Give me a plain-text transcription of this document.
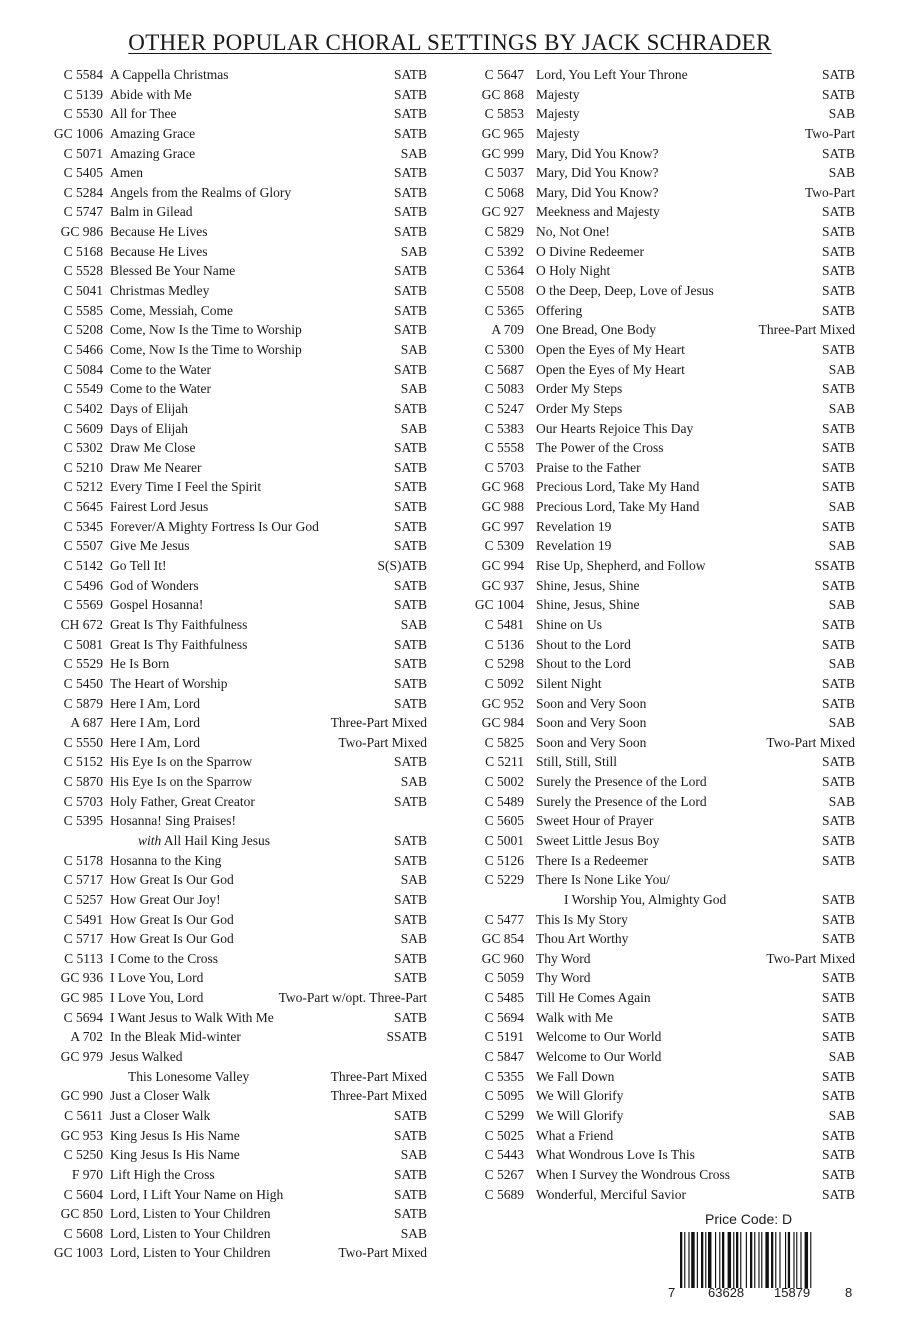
OTHER POPULAR CHORAL SETTINGS BY JACK SCHRADER
C 5584 A Cappella Christmas	SATB
C 5139 Abide with Me	SATB
C 5530 All for Thee	SATB
GC 1006 Amazing Grace	SATB
C 5071 Amazing Grace	SAB
C 5405 Amen	SATB
C 5284 Angels from the Realms of Glory	SATB
C 5747 Balm in Gilead	SATB
GC 986 Because He Lives	SATB
C 5168 Because He Lives	SAB
C 5528 Blessed Be Your Name	SATB
C 5041 Christmas Medley	SATB
C 5585 Come, Messiah, Come	SATB
C 5208 Come, Now Is the Time to Worship	SATB
C 5466 Come, Now Is the Time to Worship	SAB
C 5084 Come to the Water	SATB
C 5549 Come to the Water	SAB
C 5402 Days of Elijah	SATB
C 5609 Days of Elijah	SAB
C 5302 Draw Me Close	SATB
C 5210 Draw Me Nearer	SATB
C 5212 Every Time I Feel the Spirit	SATB
C 5645 Fairest Lord Jesus	SATB
C 5345 Forever/A Mighty Fortress Is Our God	SATB
C 5507 Give Me Jesus	SATB
C 5142 Go Tell It!	S(S)ATB
C 5496 God of Wonders	SATB
C 5569 Gospel Hosanna!	SATB
CH 672 Great Is Thy Faithfulness	SAB
C 5081 Great Is Thy Faithfulness	SATB
C 5529 He Is Born	SATB
C 5450 The Heart of Worship	SATB
C 5879 Here I Am, Lord	SATB
A 687 Here I Am, Lord	Three-Part Mixed
C 5550 Here I Am, Lord	Two-Part Mixed
C 5152 His Eye Is on the Sparrow	SATB
C 5870 His Eye Is on the Sparrow	SAB
C 5703 Holy Father, Great Creator	SATB
C 5395 Hosanna! Sing Praises!
with All Hail King Jesus	SATB
C 5178 Hosanna to the King	SATB
C 5717 How Great Is Our God	SAB
C 5257 How Great Our Joy!	SATB
C 5491 How Great Is Our God	SATB
C 5717 How Great Is Our God	SAB
C 5113 I Come to the Cross	SATB
GC 936 I Love You, Lord	SATB
GC 985 I Love You, Lord	Two-Part w/opt. Three-Part
C 5694 I Want Jesus to Walk With Me	SATB
A 702 In the Bleak Mid-winter	SSATB
GC 979 Jesus Walked
This Lonesome Valley	Three-Part Mixed
GC 990 Just a Closer Walk	Three-Part Mixed
C 5611 Just a Closer Walk	SATB
GC 953 King Jesus Is His Name	SATB
C 5250 King Jesus Is His Name	SAB
F 970 Lift High the Cross	SATB
C 5604 Lord, I Lift Your Name on High	SATB
GC 850 Lord, Listen to Your Children	SATB
C 5608 Lord, Listen to Your Children	SAB
GC 1003 Lord, Listen to Your Children	Two-Part Mixed
C 5647 Lord, You Left Your Throne	SATB
GC 868 Majesty	SATB
C 5853 Majesty	SAB
GC 965 Majesty	Two-Part
GC 999 Mary, Did You Know?	SATB
C 5037 Mary, Did You Know?	SAB
C 5068 Mary, Did You Know?	Two-Part
GC 927 Meekness and Majesty	SATB
C 5829 No, Not One!	SATB
C 5392 O Divine Redeemer	SATB
C 5364 O Holy Night	SATB
C 5508 O the Deep, Deep, Love of Jesus	SATB
C 5365 Offering	SATB
A 709 One Bread, One Body	Three-Part Mixed
C 5300 Open the Eyes of My Heart	SATB
C 5687 Open the Eyes of My Heart	SAB
C 5083 Order My Steps	SATB
C 5247 Order My Steps	SAB
C 5383 Our Hearts Rejoice This Day	SATB
C 5558 The Power of the Cross	SATB
C 5703 Praise to the Father	SATB
GC 968 Precious Lord, Take My Hand	SATB
GC 988 Precious Lord, Take My Hand	SAB
GC 997 Revelation 19	SATB
C 5309 Revelation 19	SAB
GC 994 Rise Up, Shepherd, and Follow	SSATB
GC 937 Shine, Jesus, Shine	SATB
GC 1004 Shine, Jesus, Shine	SAB
C 5481 Shine on Us	SATB
C 5136 Shout to the Lord	SATB
C 5298 Shout to the Lord	SAB
C 5092 Silent Night	SATB
GC 952 Soon and Very Soon	SATB
GC 984 Soon and Very Soon	SAB
C 5825 Soon and Very Soon	Two-Part Mixed
C 5211 Still, Still, Still	SATB
C 5002 Surely the Presence of the Lord	SATB
C 5489 Surely the Presence of the Lord	SAB
C 5605 Sweet Hour of Prayer	SATB
C 5001 Sweet Little Jesus Boy	SATB
C 5126 There Is a Redeemer	SATB
C 5229 There Is None Like You/
I Worship You, Almighty God	SATB
C 5477 This Is My Story	SATB
GC 854 Thou Art Worthy	SATB
GC 960 Thy Word	Two-Part Mixed
C 5059 Thy Word	SATB
C 5485 Till He Comes Again	SATB
C 5694 Walk with Me	SATB
C 5191 Welcome to Our World	SATB
C 5847 Welcome to Our World	SAB
C 5355 We Fall Down	SATB
C 5095 We Will Glorify	SATB
C 5299 We Will Glorify	SAB
C 5025 What a Friend	SATB
C 5443 What Wondrous Love Is This	SATB
C 5267 When I Survey the Wondrous Cross	SATB
C 5689 Wonderful, Merciful Savior	SATB
Price Code: D
7	63628 15879	8
